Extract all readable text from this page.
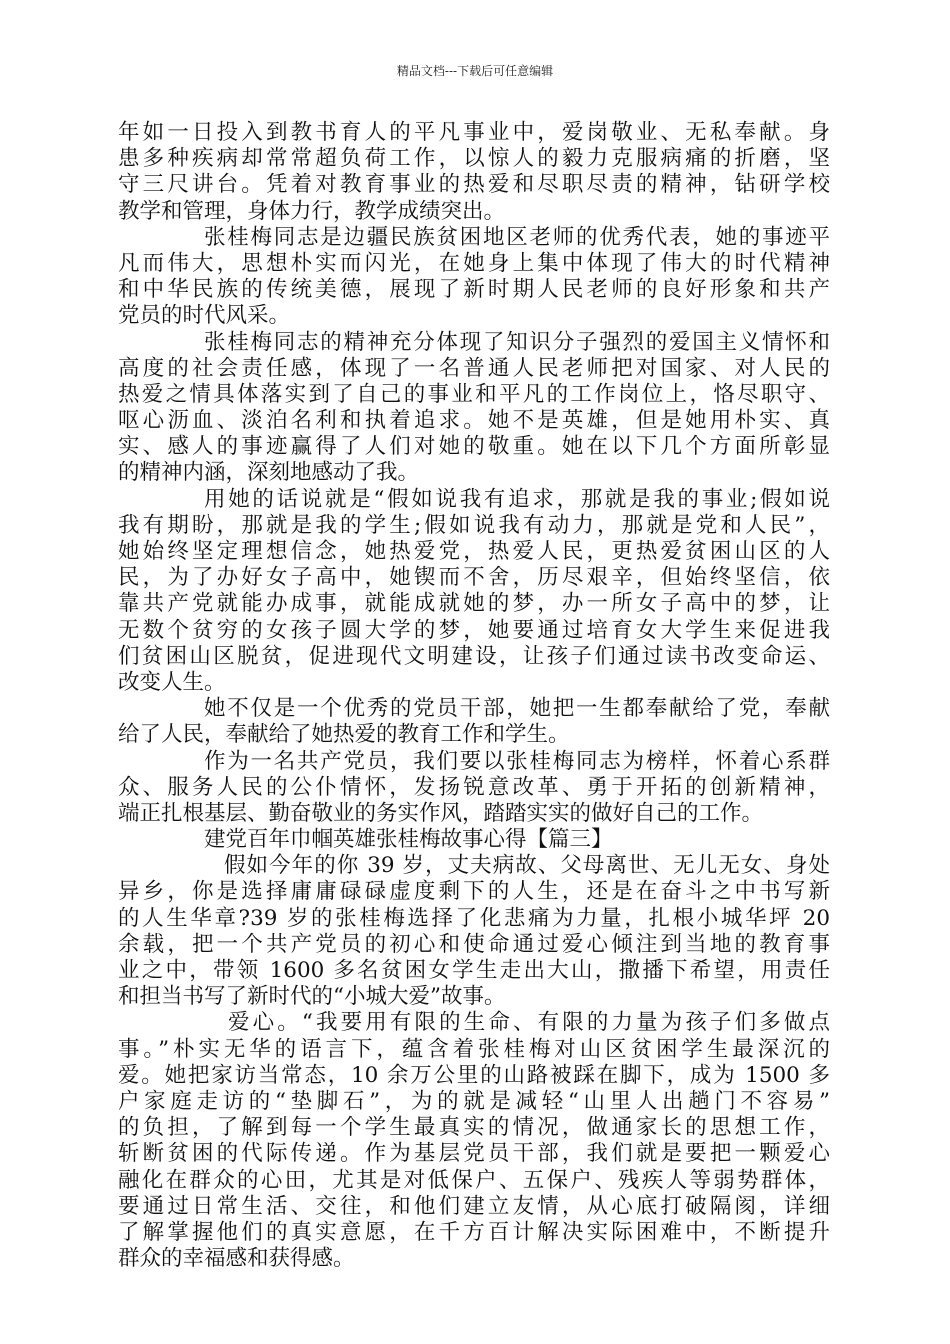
精品文档---下载后可任意编辑
年如一日投入到教书育人的平凡事业中，爱岗敬业、无私奉献。身
患多种疾病却常常超负荷工作，以惊人的毅力克服病痛的折磨，坚
守三尺讲台。凭着对教育事业的热爱和尽职尽责的精神，钻研学校
教学和管理，身体力行，教学成绩突出。
张桂梅同志是边疆民族贫困地区老师的优秀代表，她的事迹平
凡而伟大，思想朴实而闪光，在她身上集中体现了伟大的时代精神
和中华民族的传统美德，展现了新时期人民老师的良好形象和共产
党员的时代风采。
张桂梅同志的精神充分体现了知识分子强烈的爱国主义情怀和
高度的社会责任感，体现了一名普通人民老师把对国家、对人民的
热爱之情具体落实到了自己的事业和平凡的工作岗位上，恪尽职守、
呕心沥血、淡泊名利和执着追求。她不是英雄，但是她用朴实、真
实、感人的事迹赢得了人们对她的敬重。她在以下几个方面所彰显
的精神内涵，深刻地感动了我。
用她的话说就是“假如说我有追求，那就是我的事业;假如说
我有期盼，那就是我的学生;假如说我有动力，那就是党和人民”，
她始终坚定理想信念，她热爱党，热爱人民，更热爱贫困山区的人
民，为了办好女子高中，她锲而不舍，历尽艰辛，但始终坚信，依
靠共产党就能办成事，就能成就她的梦，办一所女子高中的梦，让
无数个贫穷的女孩子圆大学的梦，她要通过培育女大学生来促进我
们贫困山区脱贫，促进现代文明建设，让孩子们通过读书改变命运、
改变人生。
她不仅是一个优秀的党员干部，她把一生都奉献给了党，奉献
给了人民，奉献给了她热爱的教育工作和学生。
作为一名共产党员，我们要以张桂梅同志为榜样，怀着心系群
众、服务人民的公仆情怀，发扬锐意改革、勇于开拓的创新精神，
端正扎根基层、勤奋敬业的务实作风，踏踏实实的做好自己的工作。
建党百年巾帼英雄张桂梅故事心得【篇三】
假如今年的你 39 岁，丈夫病故、父母离世、无儿无女、身处
异乡，你是选择庸庸碌碌虚度剩下的人生，还是在奋斗之中书写新
的人生华章?39 岁的张桂梅选择了化悲痛为力量，扎根小城华坪 20
余载，把一个共产党员的初心和使命通过爱心倾注到当地的教育事
业之中，带领 1600 多名贫困女学生走出大山，撒播下希望，用责任
和担当书写了新时代的“小城大爱”故事。
爱心。“我要用有限的生命、有限的力量为孩子们多做点
事。”朴实无华的语言下，蕴含着张桂梅对山区贫困学生最深沉的
爱。她把家访当常态，10 余万公里的山路被踩在脚下，成为 1500 多
户家庭走访的“垫脚石”，为的就是减轻“山里人出趟门不容易”
的负担，了解到每一个学生最真实的情况，做通家长的思想工作，
斩断贫困的代际传递。作为基层党员干部，我们就是要把一颗爱心
融化在群众的心田，尤其是对低保户、五保户、残疾人等弱势群体，
要通过日常生活、交往，和他们建立友情，从心底打破隔阂，详细
了解掌握他们的真实意愿，在千方百计解决实际困难中，不断提升
群众的幸福感和获得感。
